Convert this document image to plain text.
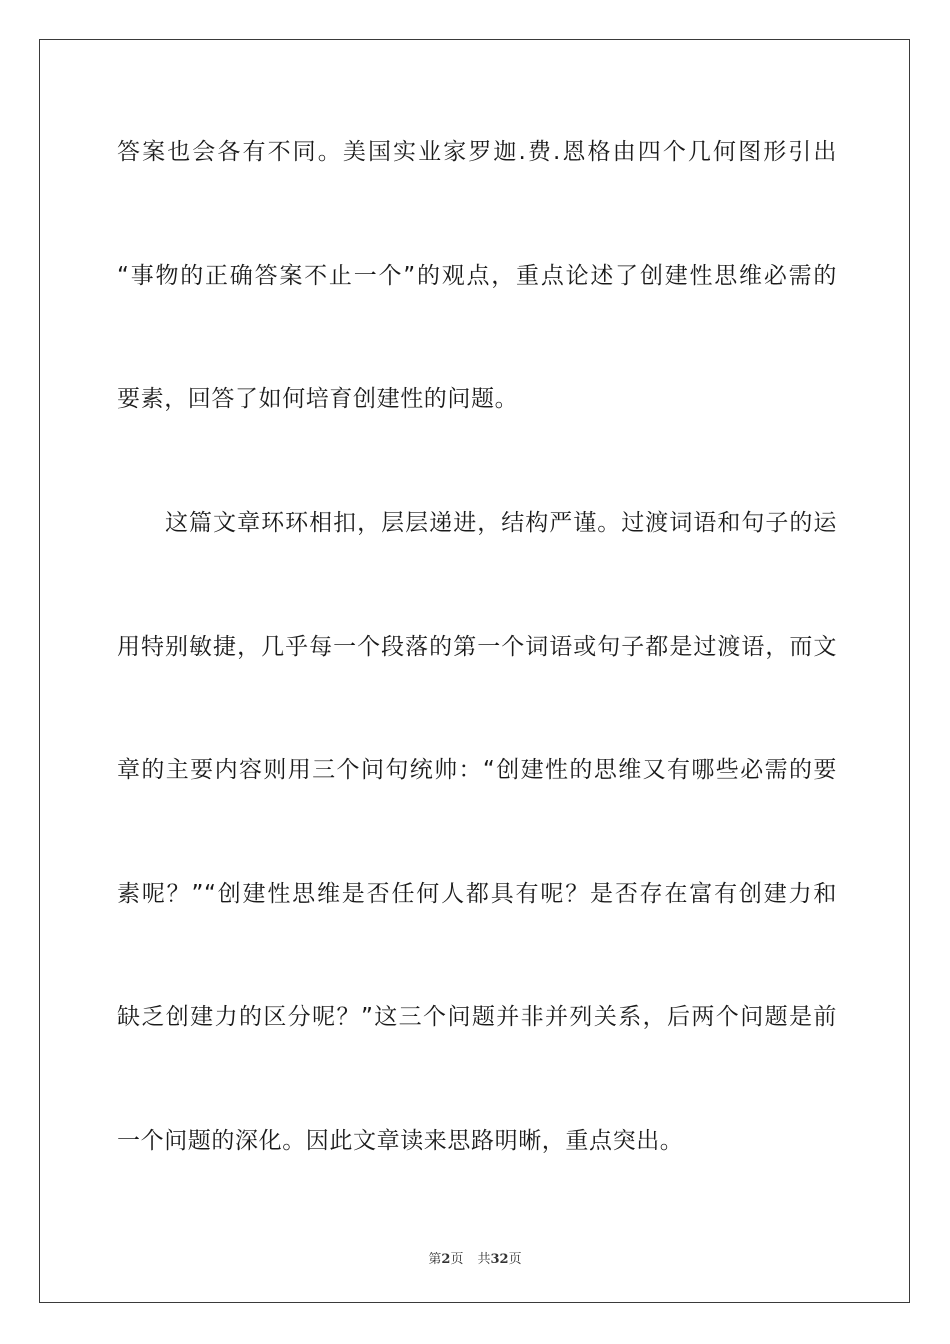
答案也会各有不同。美国实业家罗迦.费.恩格由四个几何图形引出
“事物的正确答案不止一个”的观点，重点论述了创建性思维必需的
要素，回答了如何培育创建性的问题。
　　这篇文章环环相扣，层层递进，结构严谨。过渡词语和句子的运
用特别敏捷，几乎每一个段落的第一个词语或句子都是过渡语，而文
章的主要内容则用三个问句统帅：“创建性的思维又有哪些必需的要
素呢？”“创建性思维是否任何人都具有呢？是否存在富有创建力和
缺乏创建力的区分呢？”这三个问题并非并列关系，后两个问题是前
一个问题的深化。因此文章读来思路明晰，重点突出。
第2页 共32页
